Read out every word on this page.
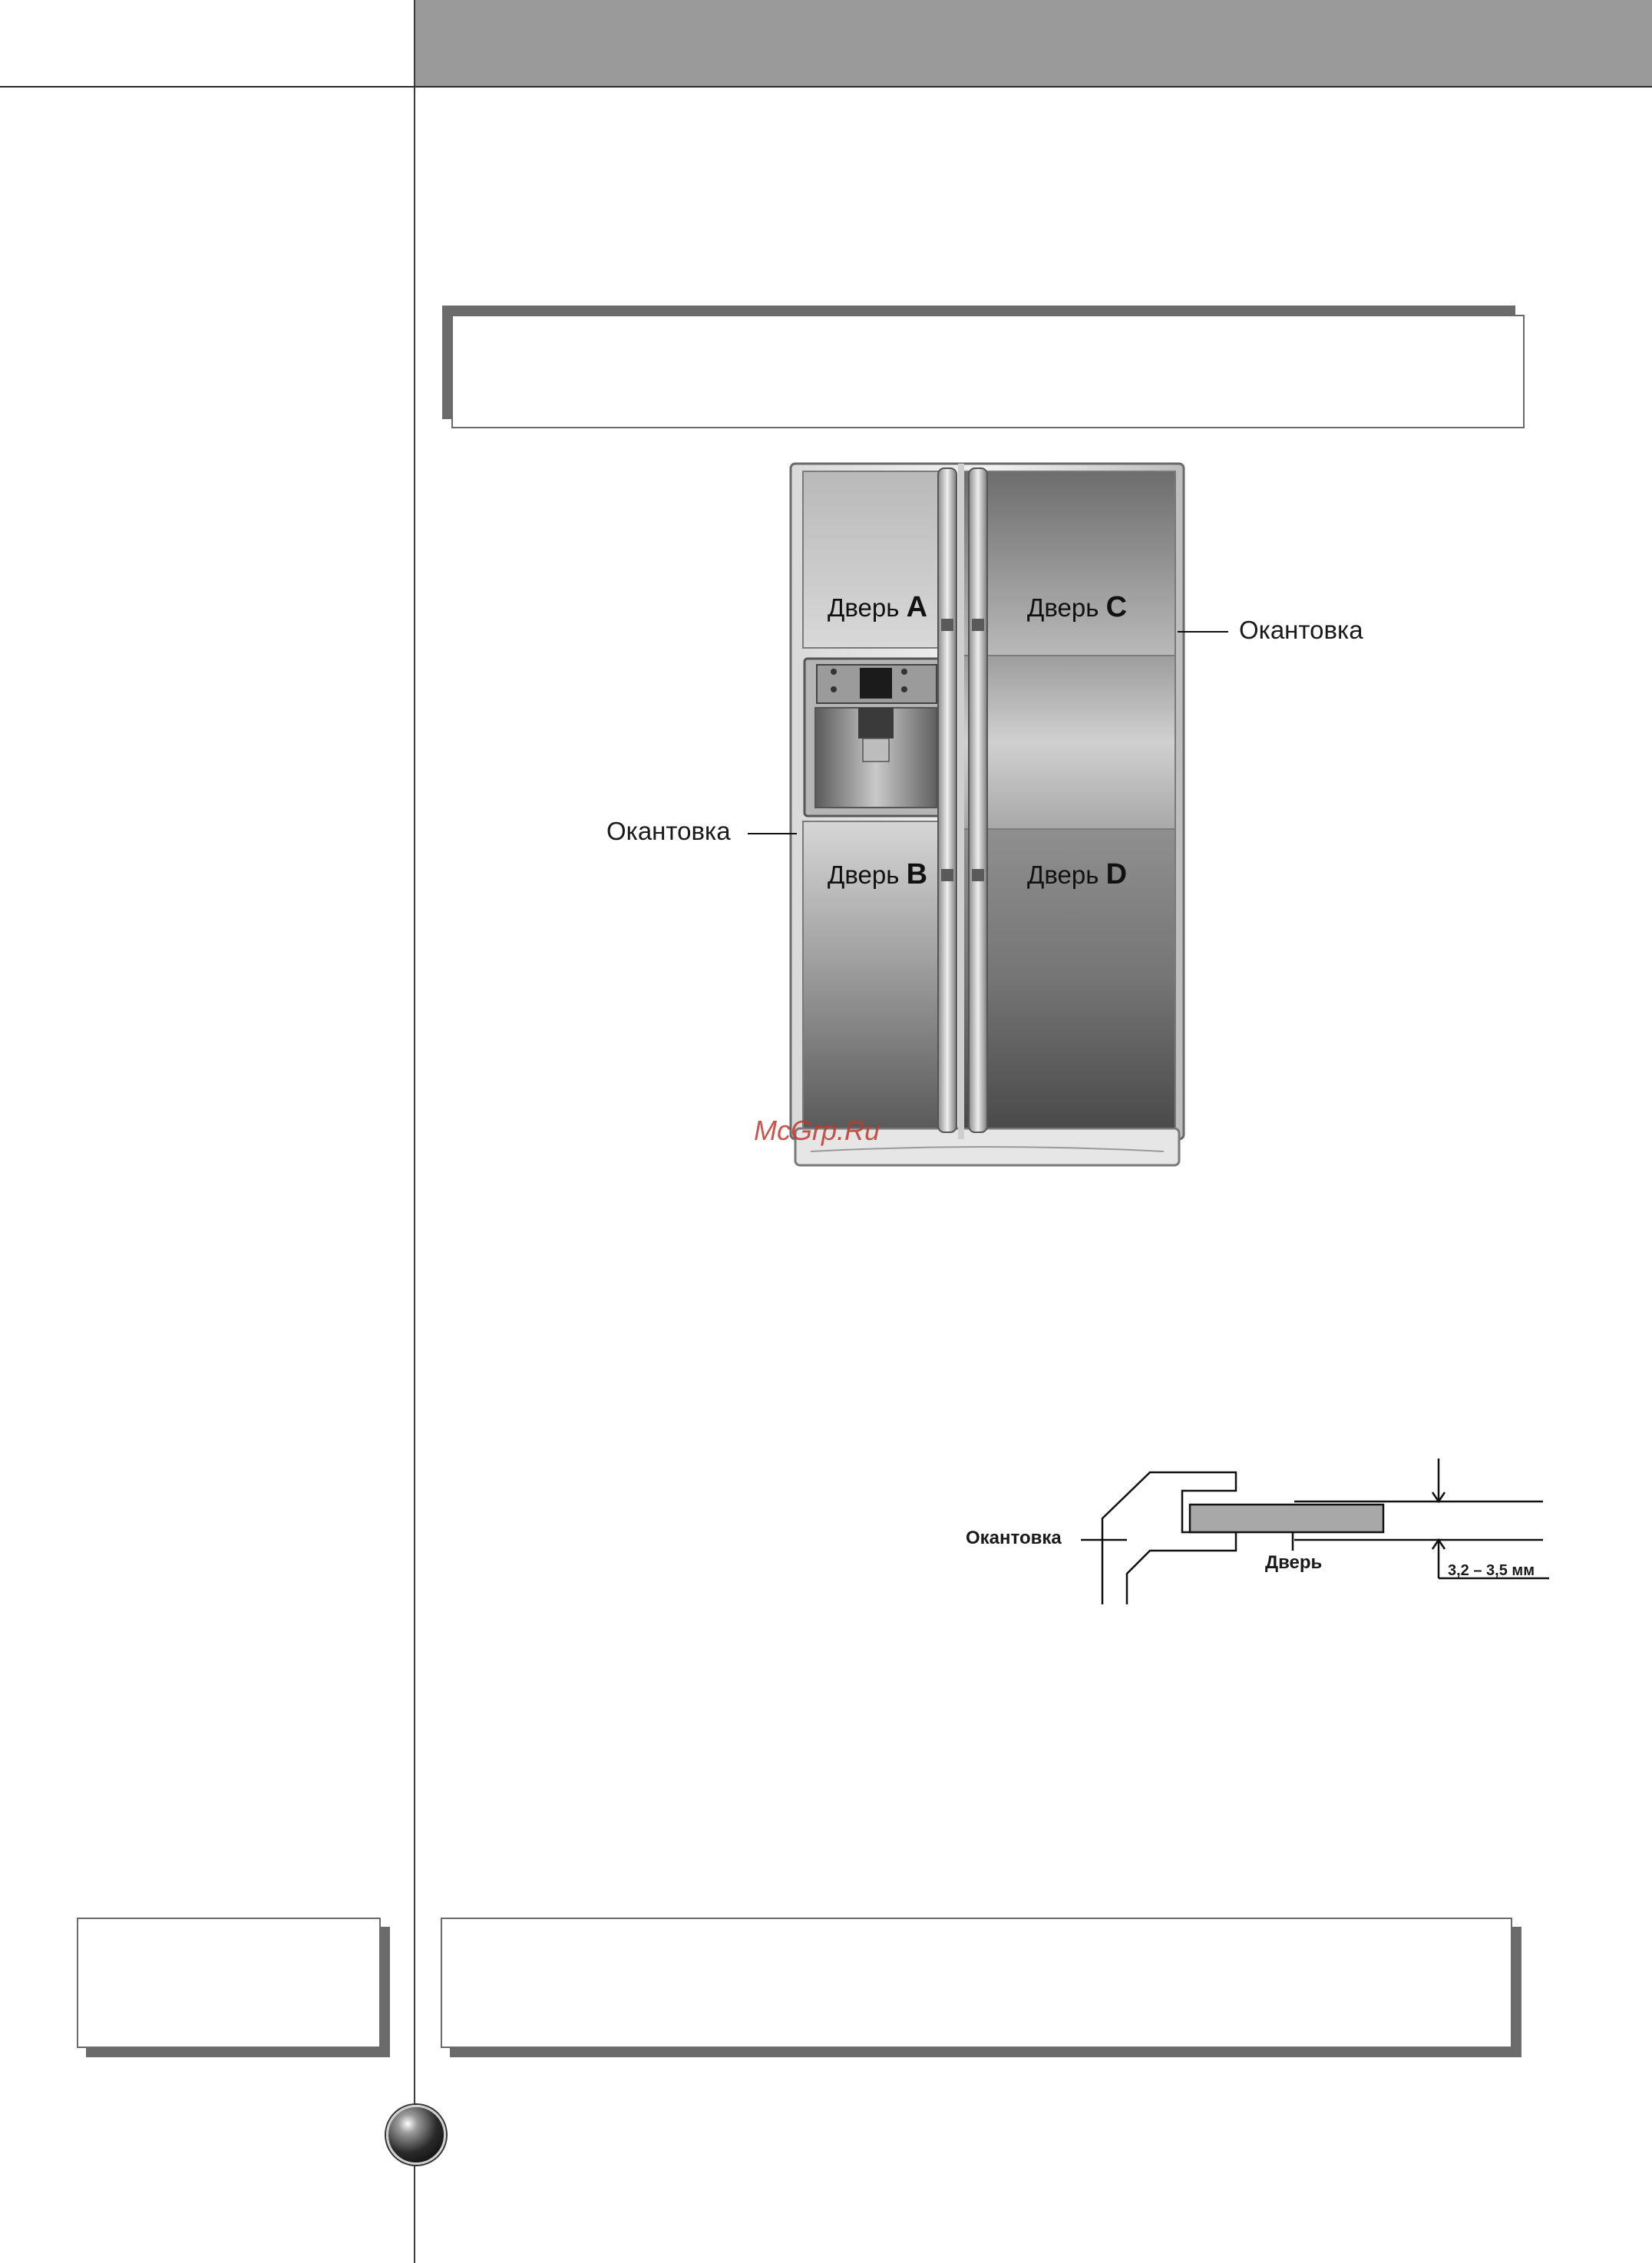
Дверь A	Дверь C
Дверь B	Дверь D
Окантовка
Окантовка
McGrp.Ru
Окантовка
Дверь	3,2 – 3,5 мм
